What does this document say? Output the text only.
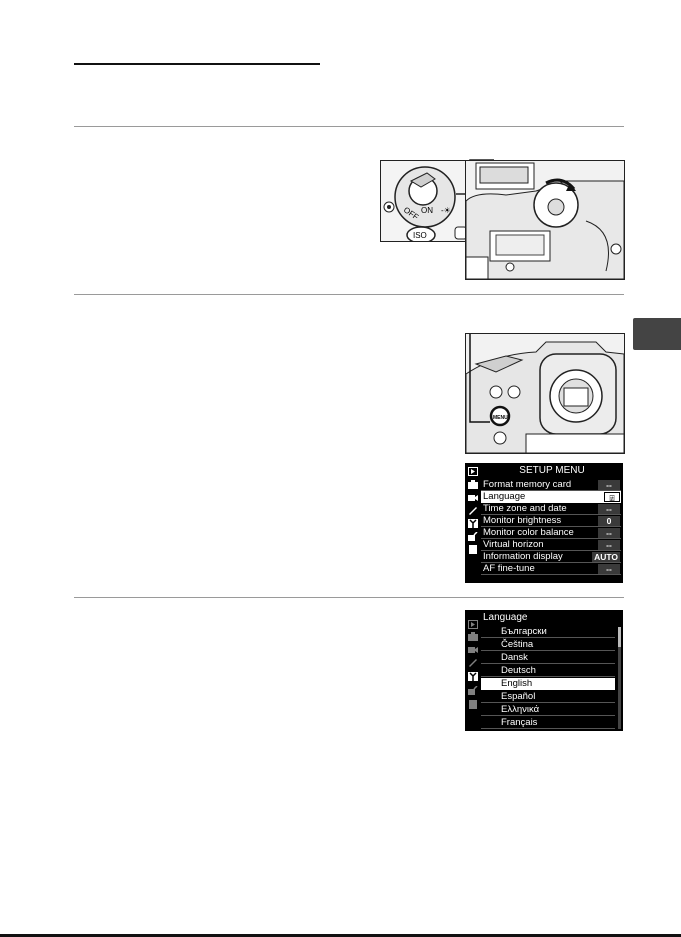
OFF ON -☀
ISO
MENU
SETUP MENU
Format memory card	--
Language	⍯
Time zone and date	--
Monitor brightness	0
Monitor color balance	--
Virtual horizon	--
Information display	AUTO
AF fine-tune	--
Language
Български
Čeština
Dansk
Deutsch
English
Español
Ελληνικά
Français
